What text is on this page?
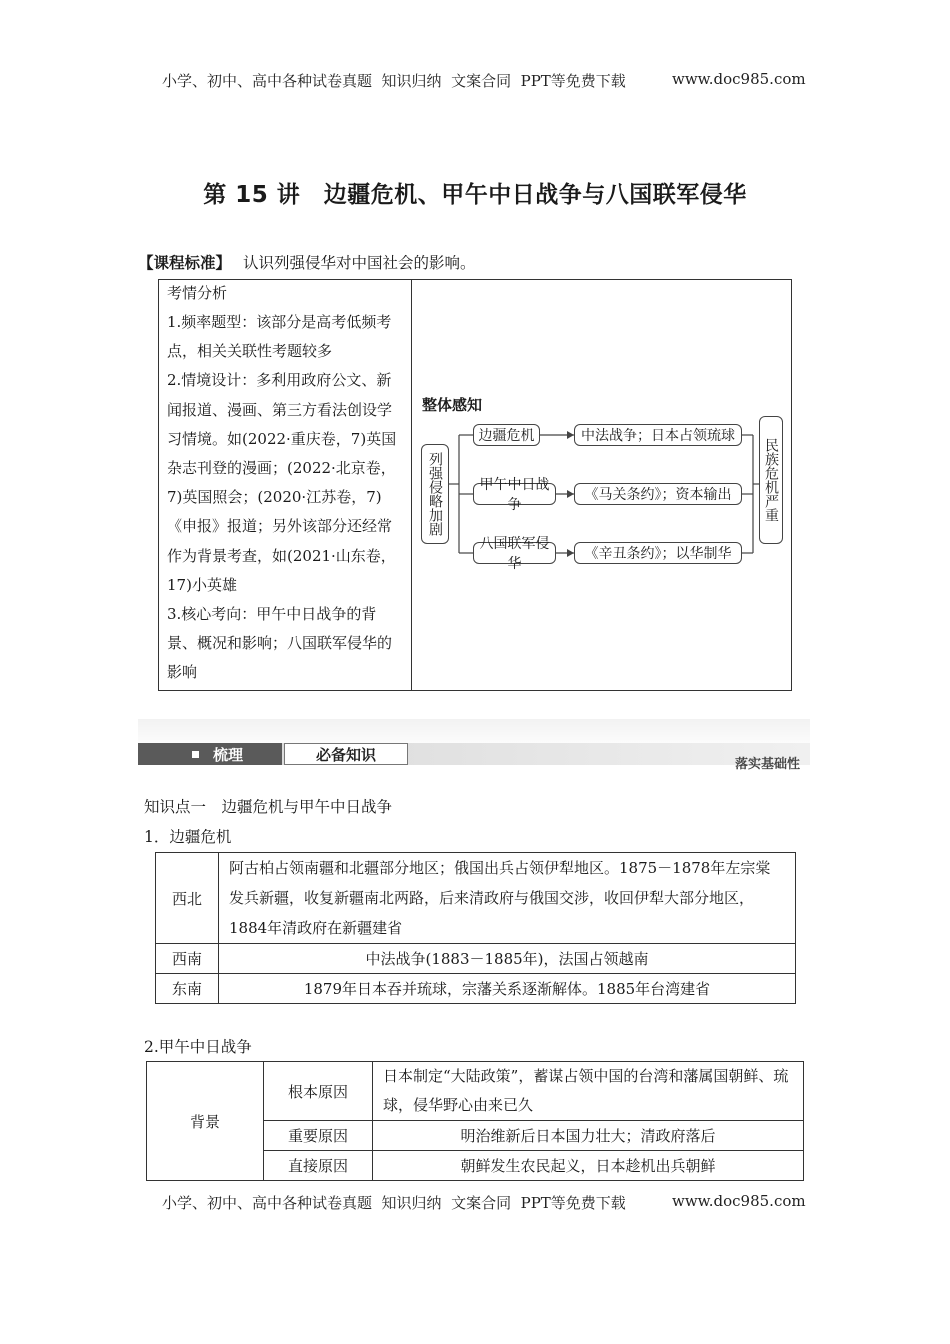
小学、初中、高中各种试卷真题  知识归纳  文案合同  PPT等免费下载	www.doc985.com
第 15 讲　边疆危机、甲午中日战争与八国联军侵华
【课程标准】 认识列强侵华对中国社会的影响。
考情分析

1.频率题型：该部分是高考低频考点，相关关联性考题较多

2.情境设计：多利用政府公文、新闻报道、漫画、第三方看法创设学习情境。如(2022·重庆卷，7)英国杂志刊登的漫画；(2022·北京卷，7)英国照会；(2020·江苏卷，7)《申报》报道；另外该部分还经常作为背景考查，如(2021·山东卷，17)小英雄

3.核心考向：甲午中日战争的背景、概况和影响；八国联军侵华的影响

整体感知
列强侵略加剧	民族危机严重
边疆危机
甲午中日战争
八国联军侵华
中法战争；日本占领琉球
《马关条约》；资本输出
《辛丑条约》；以华制华
梳理	必备知识
落实基础性
知识点一　边疆危机与甲午中日战争
1．边疆危机
西北	阿古柏占领南疆和北疆部分地区；俄国出兵占领伊犁地区。1875－1878年左宗棠发兵新疆，收复新疆南北两路，后来清政府与俄国交涉，收回伊犁大部分地区，1884年清政府在新疆建省
西南	中法战争(1883－1885年)，法国占领越南
东南	1879年日本吞并琉球，宗藩关系逐渐解体。1885年台湾建省
2.甲午中日战争
背景	根本原因	日本制定“大陆政策”，蓄谋占领中国的台湾和藩属国朝鲜、琉球，侵华野心由来已久
	重要原因	明治维新后日本国力壮大；清政府落后
	直接原因	朝鲜发生农民起义，日本趁机出兵朝鲜
小学、初中、高中各种试卷真题  知识归纳  文案合同  PPT等免费下载	www.doc985.com
